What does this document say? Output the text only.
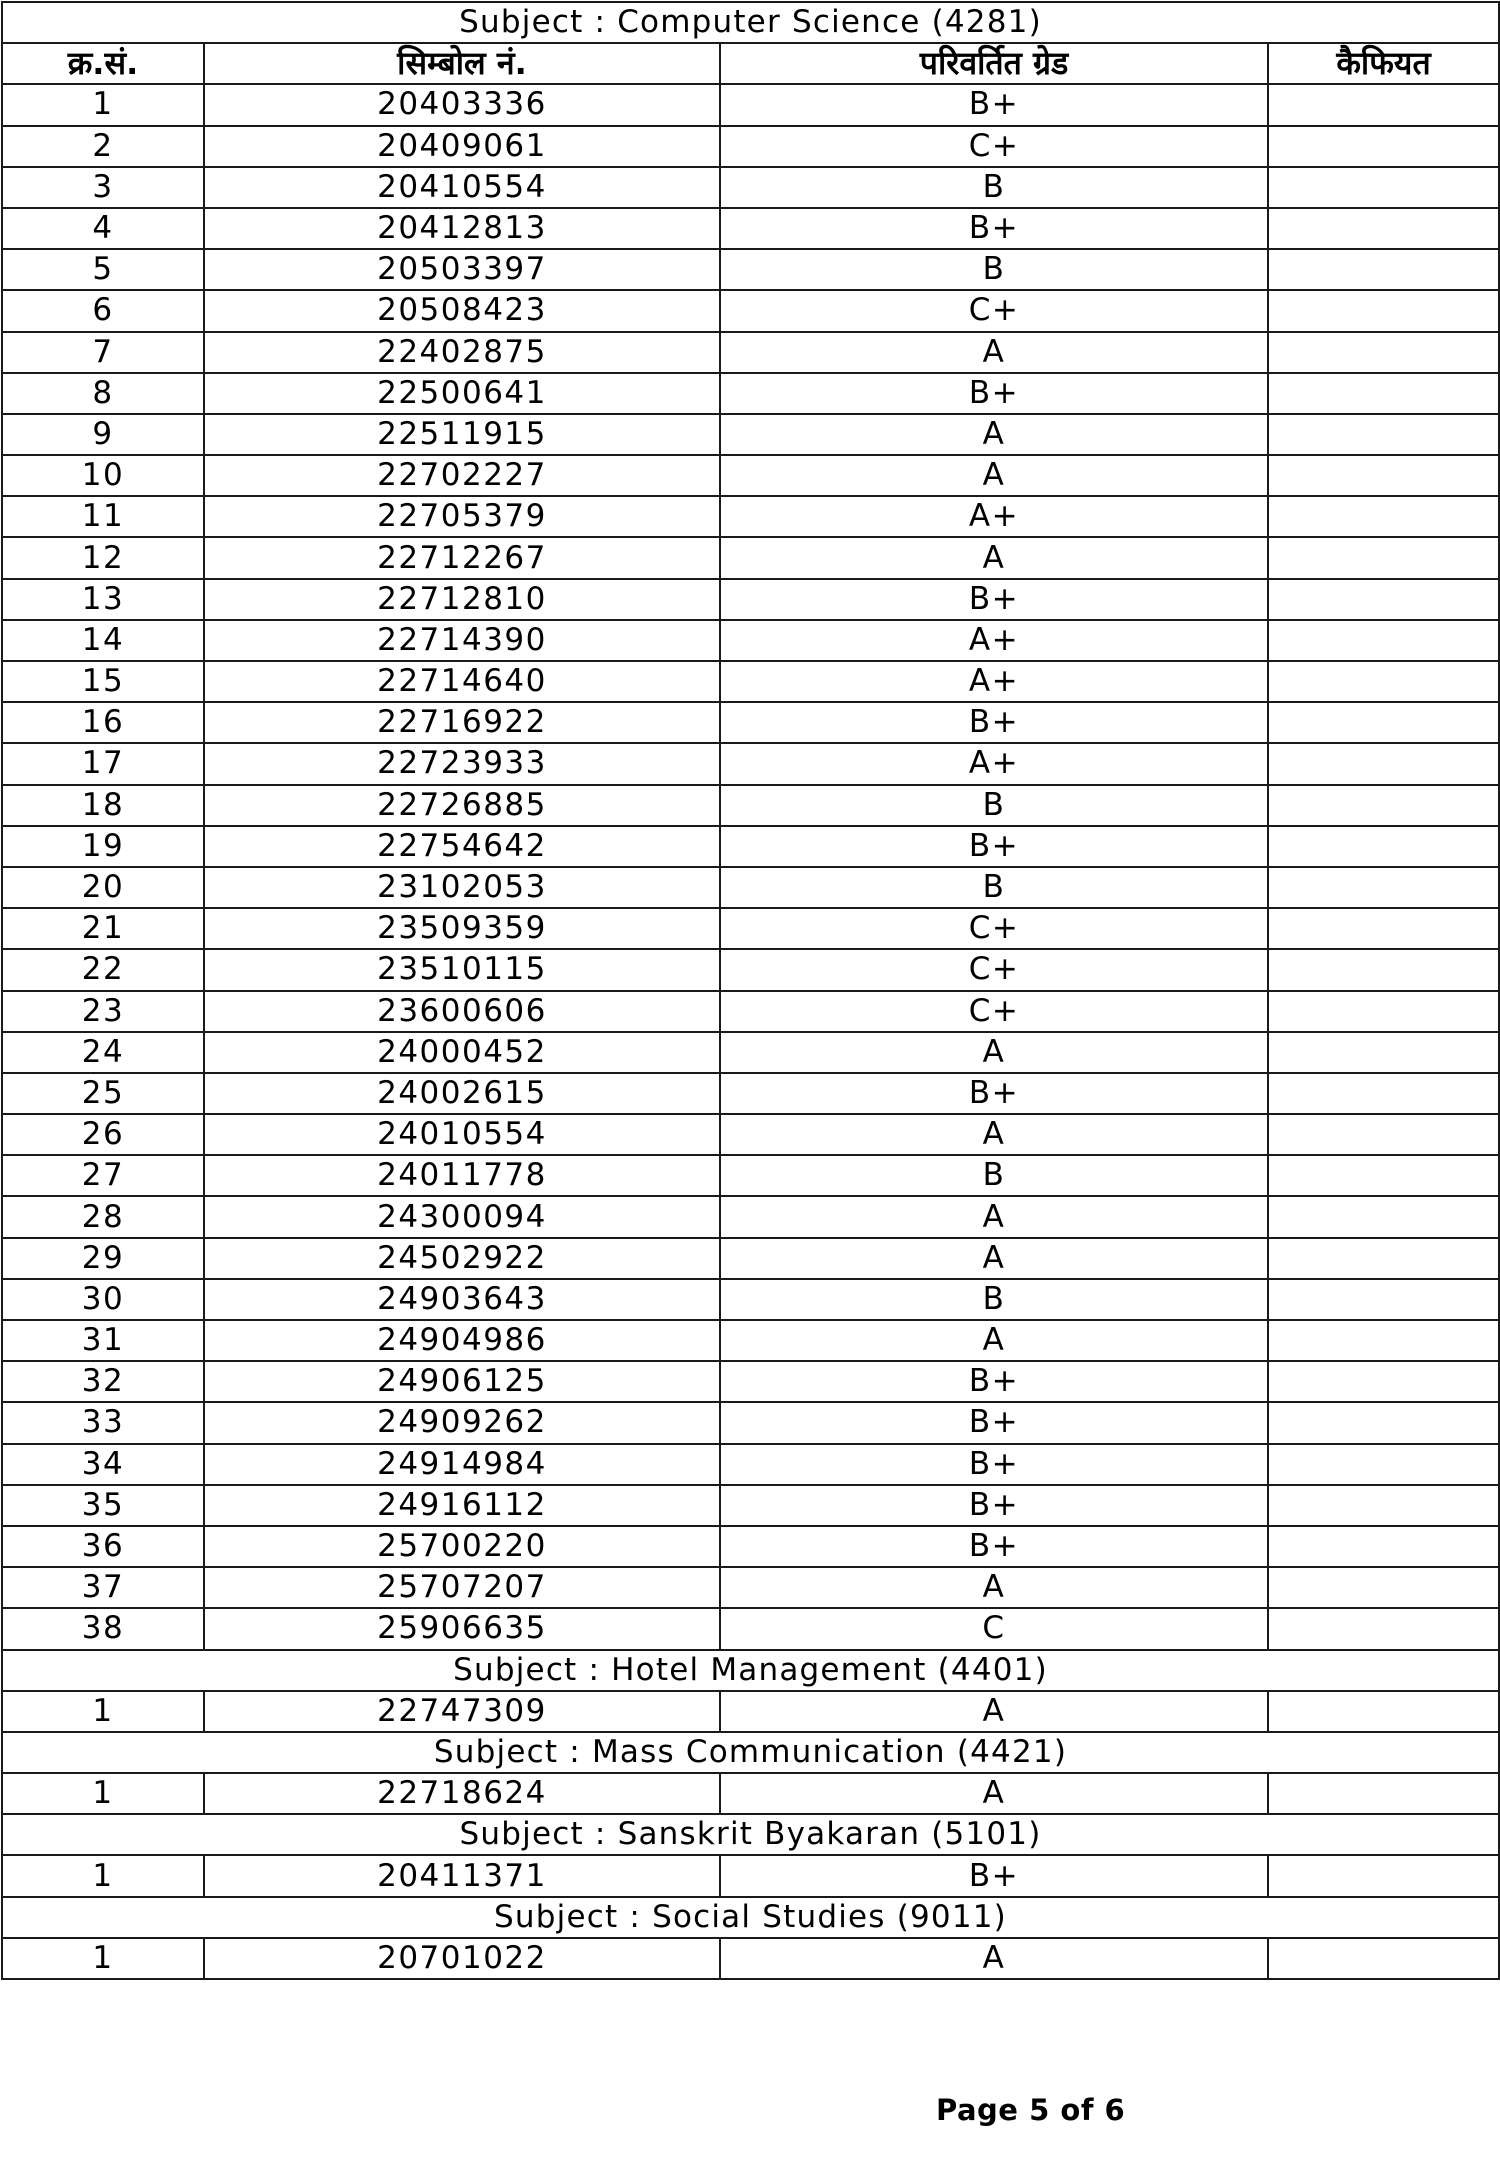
Subject : Computer Science (4281)			
क्र.सं.	सिम्बोल नं.	परिवर्तित ग्रेड	कैफियत
1	20403336	B+	
2	20409061	C+	
3	20410554	B	
4	20412813	B+	
5	20503397	B	
6	20508423	C+	
7	22402875	A	
8	22500641	B+	
9	22511915	A	
10	22702227	A	
11	22705379	A+	
12	22712267	A	
13	22712810	B+	
14	22714390	A+	
15	22714640	A+	
16	22716922	B+	
17	22723933	A+	
18	22726885	B	
19	22754642	B+	
20	23102053	B	
21	23509359	C+	
22	23510115	C+	
23	23600606	C+	
24	24000452	A	
25	24002615	B+	
26	24010554	A	
27	24011778	B	
28	24300094	A	
29	24502922	A	
30	24903643	B	
31	24904986	A	
32	24906125	B+	
33	24909262	B+	
34	24914984	B+	
35	24916112	B+	
36	25700220	B+	
37	25707207	A	
38	25906635	C	
Subject : Hotel Management (4401)			
1	22747309	A	
Subject : Mass Communication (4421)			
1	22718624	A	
Subject : Sanskrit Byakaran (5101)			
1	20411371	B+	
Subject : Social Studies (9011)			
1	20701022	A	
Page 5 of 6
